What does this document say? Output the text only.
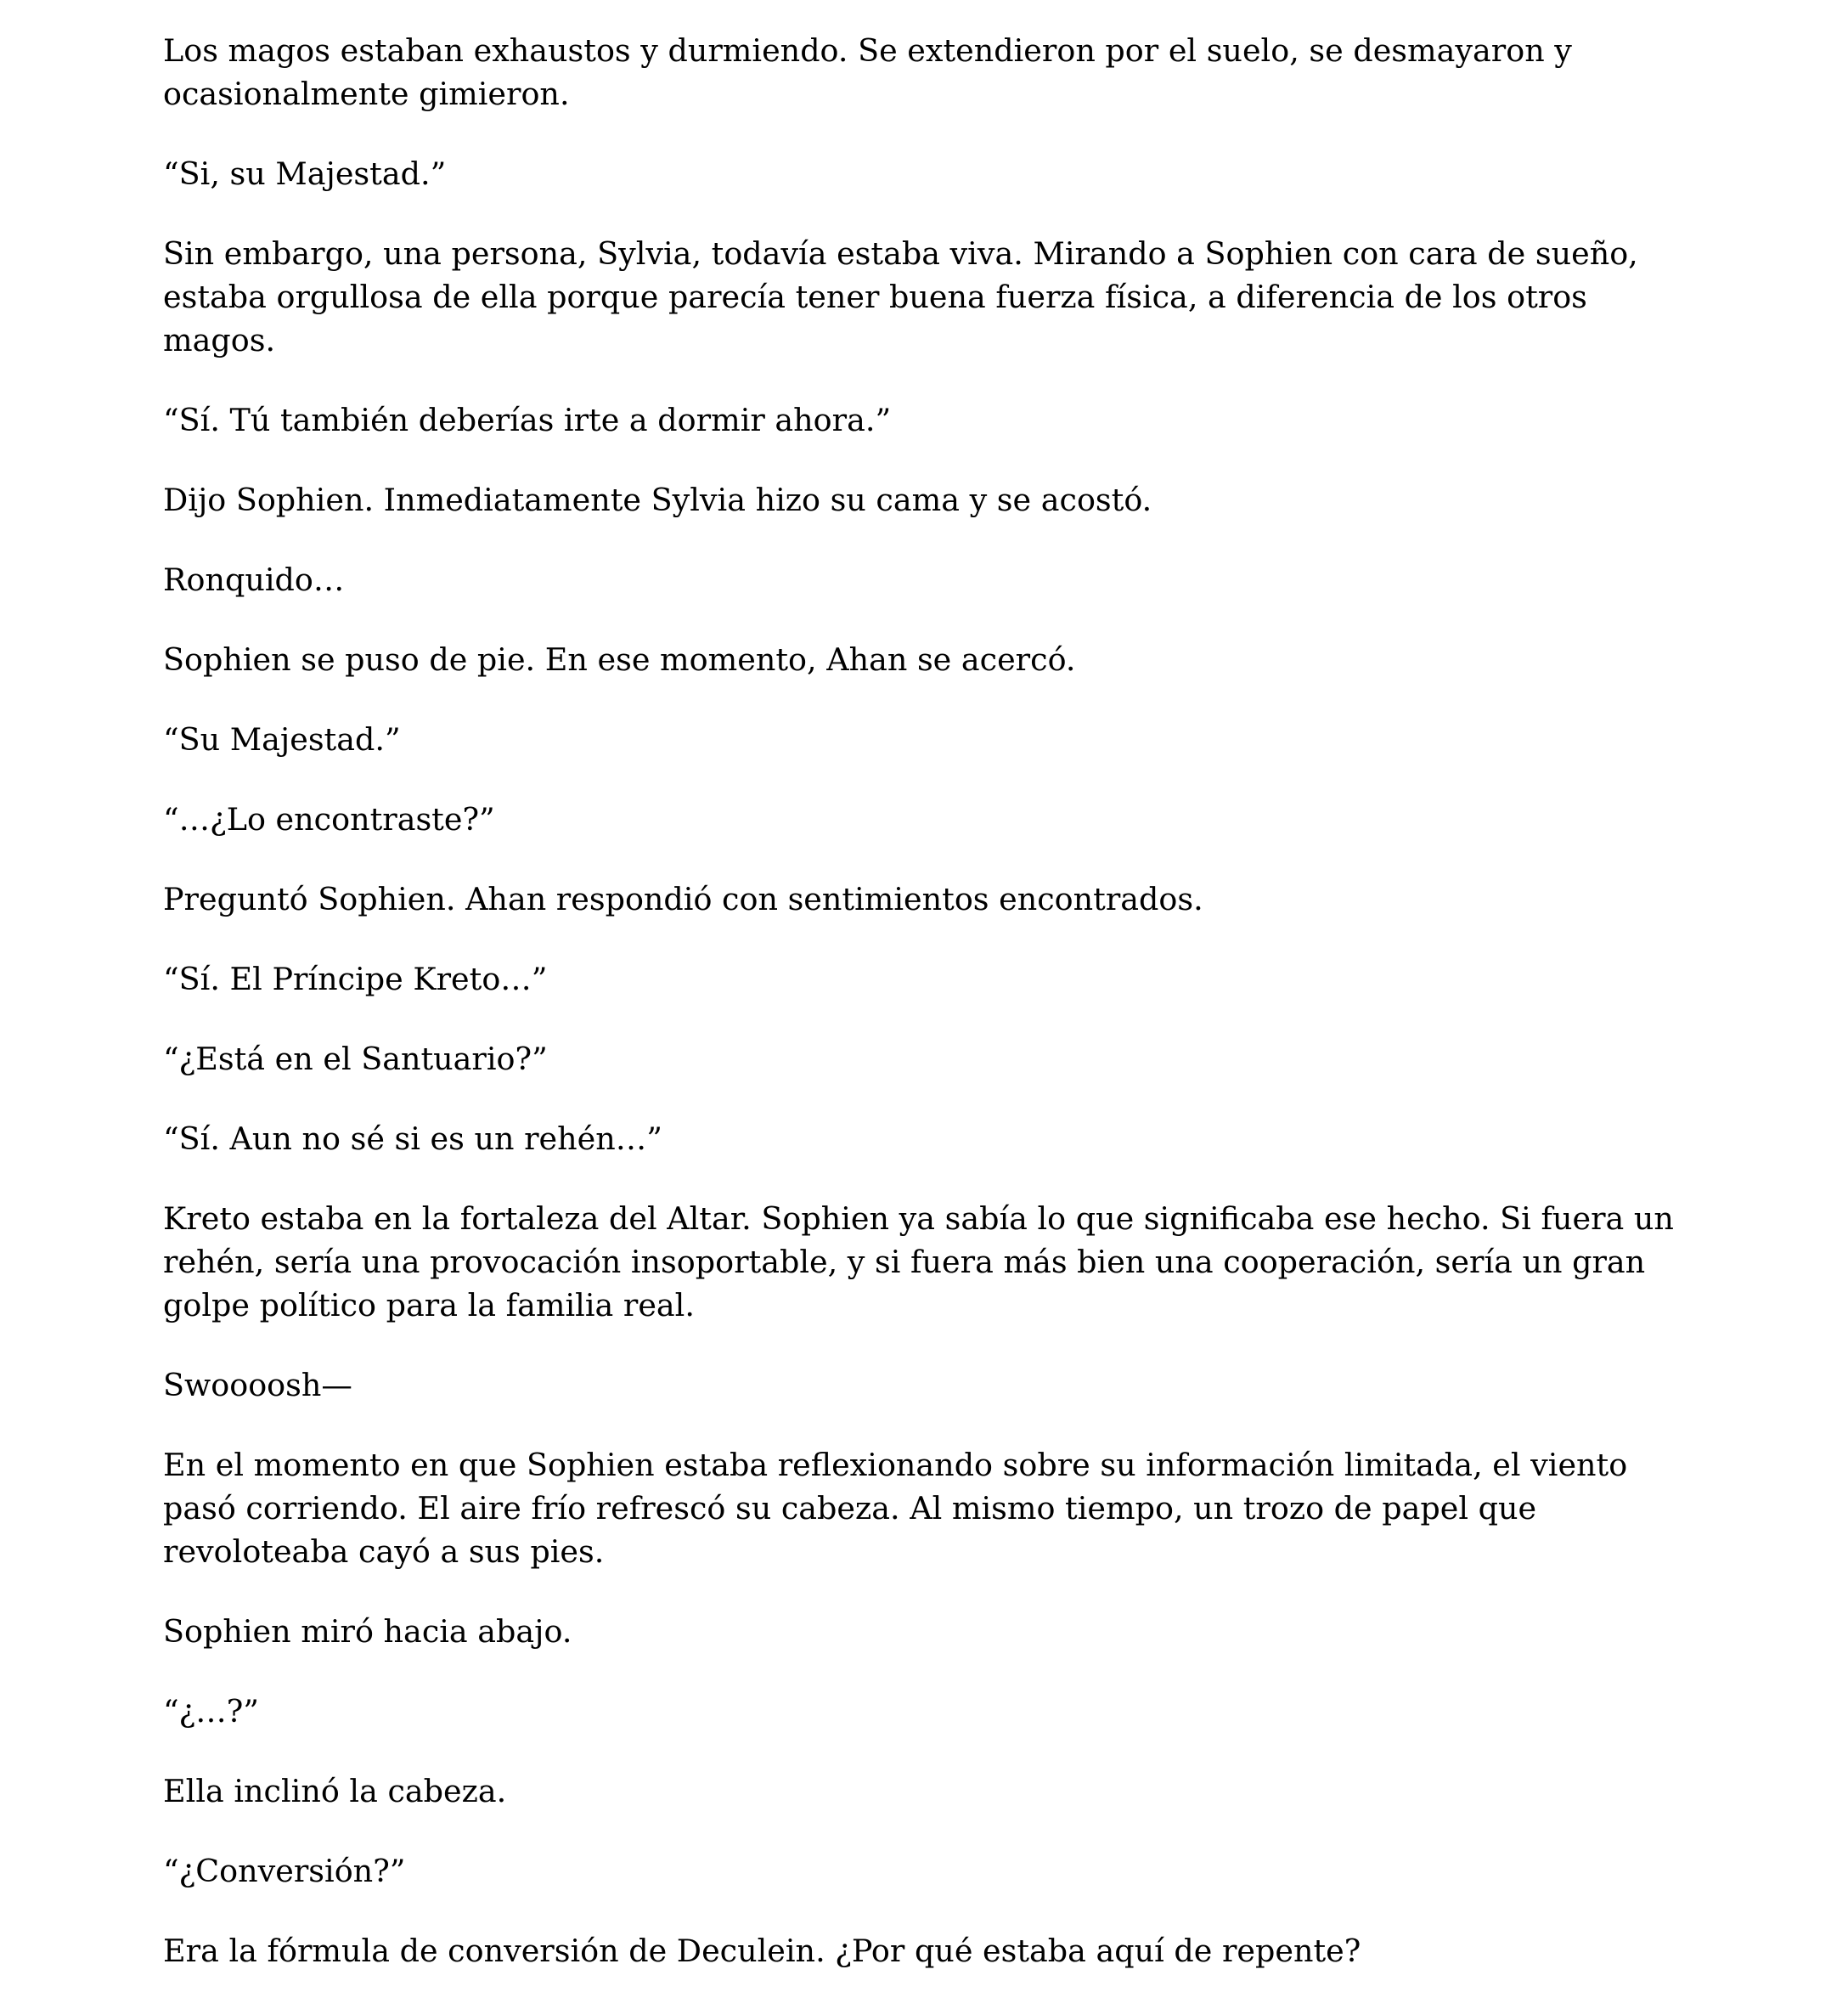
Los magos estaban exhaustos y durmiendo. Se extendieron por el suelo, se desmayaron y ocasionalmente gimieron.

“Si, su Majestad.”

Sin embargo, una persona, Sylvia, todavía estaba viva. Mirando a Sophien con cara de sueño, estaba orgullosa de ella porque parecía tener buena fuerza física, a diferencia de los otros magos.

“Sí. Tú también deberías irte a dormir ahora.”

Dijo Sophien. Inmediatamente Sylvia hizo su cama y se acostó.

Ronquido…

Sophien se puso de pie. En ese momento, Ahan se acercó.

“Su Majestad.”

“…¿Lo encontraste?”

Preguntó Sophien. Ahan respondió con sentimientos encontrados.

“Sí. El Príncipe Kreto…”

“¿Está en el Santuario?”

“Sí. Aun no sé si es un rehén…”

Kreto estaba en la fortaleza del Altar. Sophien ya sabía lo que significaba ese hecho. Si fuera un rehén, sería una provocación insoportable, y si fuera más bien una cooperación, sería un gran golpe político para la familia real.

Swoooosh—

En el momento en que Sophien estaba reflexionando sobre su información limitada, el viento pasó corriendo. El aire frío refrescó su cabeza. Al mismo tiempo, un trozo de papel que revoloteaba cayó a sus pies.

Sophien miró hacia abajo.

“¿…?”

Ella inclinó la cabeza.

“¿Conversión?”

Era la fórmula de conversión de Deculein. ¿Por qué estaba aquí de repente?
